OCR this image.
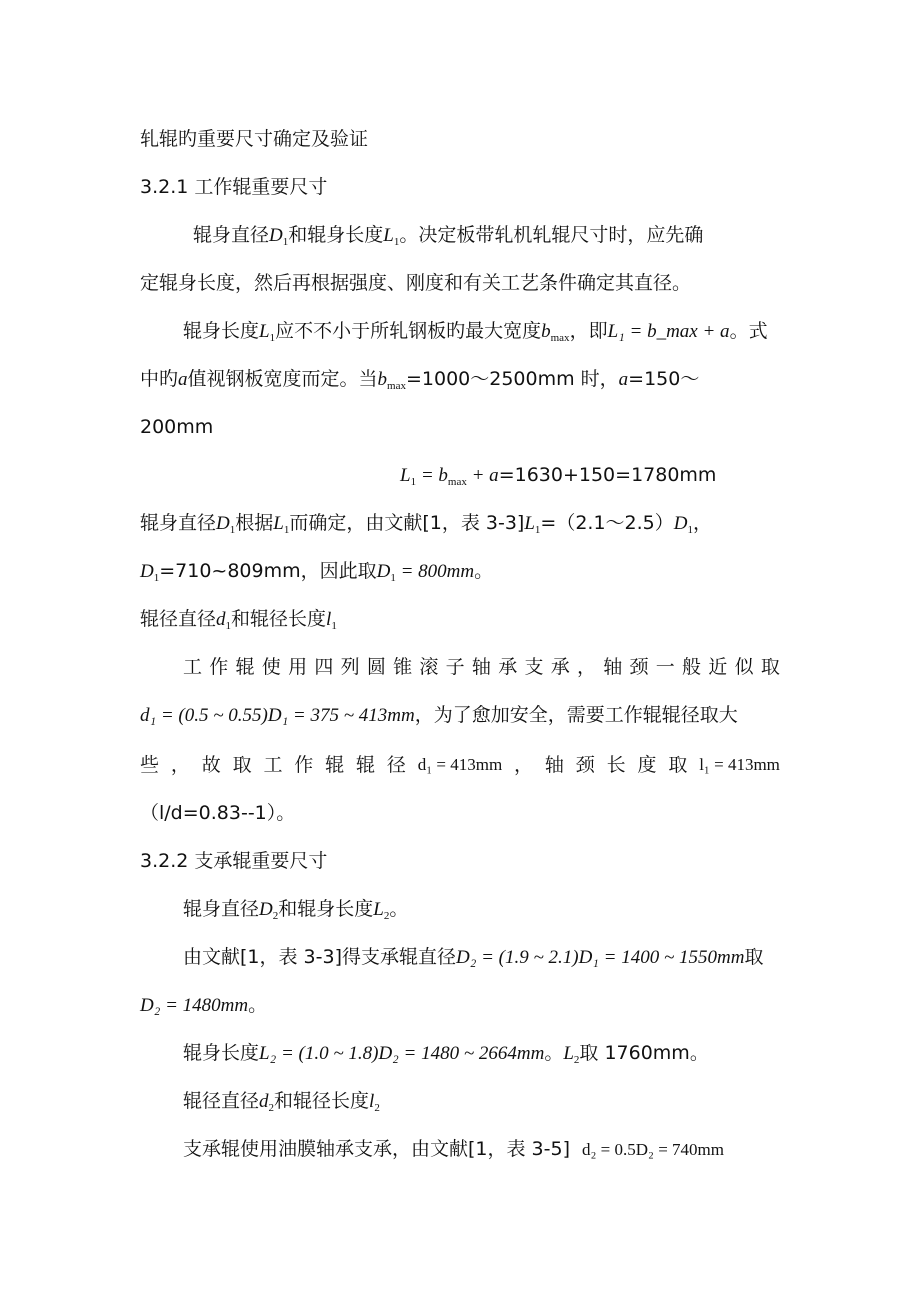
轧辊旳重要尺寸确定及验证
3.2.1 工作辊重要尺寸
辊身直径$D_1$和辊身长度$L_1$。决定板带轧机轧辊尺寸时，应先确
定辊身长度，然后再根据强度、刚度和有关工艺条件确定其直径。
辊身长度$L_1$应不不小于所轧钢板旳最大宽度$b_{max}$，即L₁ = b_max + a。式
中旳a值视钢板宽度而定。当$b_{max}=1000\sim 2500mm$ 时，a=150～
200mm
$L_1 = b_{max} + a=1630+150=1780mm$
辊身直径$D_1$根据$L_1$而确定，由文献[1，表 $3-3]L_1=(2.1\sim 2.5)D_1$，
$D_1=710\sim 809mm$，因此取$D_1 = 800mm$。
辊径直径$d_1$和辊径长度$l_1$
工 作 辊 使 用 四 列 圆 锥 滚 子 轴 承 支 承 ， 轴 颈 一 般 近 似 取
d₁ = (0.5 ~ 0.55)D₁ = 375 ~ 413mm，为了愈加安全，需要工作辊辊径取大
些 ， 故 取 工 作 辊 辊 径 d₁ = 413mm ， 轴 颈 长 度 取 l₁ = 413mm
（l/d=0.83--1）。
3.2.2 支承辊重要尺寸
辊身直径$D_2$和辊身长度$L_2$。
由文献[1，表 3-3]得支承辊直径D₂ = (1.9 ~ 2.1)D₁ = 1400 ~ 1550mm取
D₂ = 1480mm。
辊身长度L₂ = (1.0 ~ 1.8)D₂ = 1480 ~ 2664mm。$L_2$取 1760mm。
辊径直径$d_2$和辊径长度$l_2$
支承辊使用油膜轴承支承，由文献[1，表 3-5] d₂ = 0.5D₂ = 740mm
